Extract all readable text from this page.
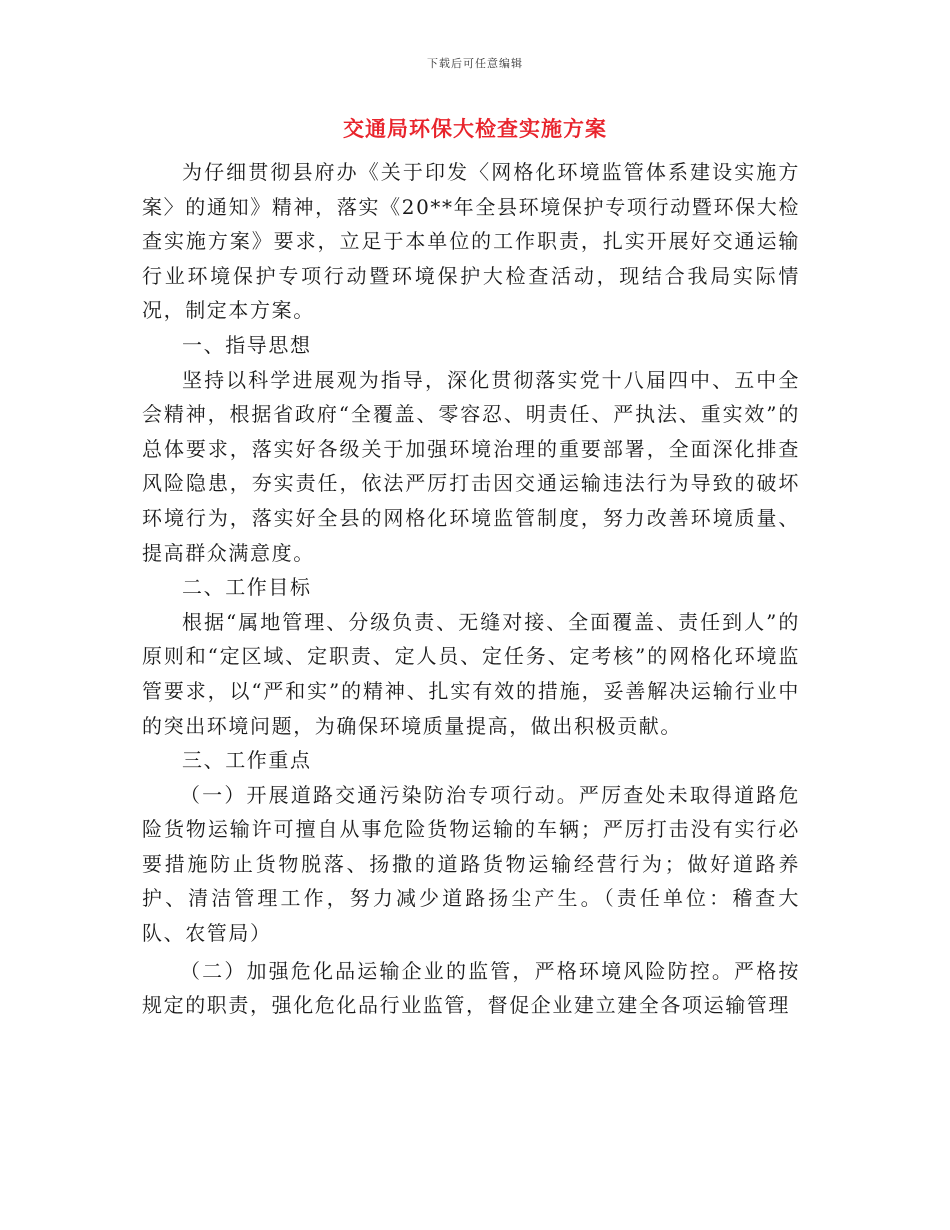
下载后可任意编辑
交通局环保大检查实施方案

为仔细贯彻县府办《关于印发〈网格化环境监管体系建设实施方案〉的通知》精神，落实《20**年全县环境保护专项行动暨环保大检查实施方案》要求，立足于本单位的工作职责，扎实开展好交通运输行业环境保护专项行动暨环境保护大检查活动，现结合我局实际情况，制定本方案。

一、指导思想

坚持以科学进展观为指导，深化贯彻落实党十八届四中、五中全会精神，根据省政府“全覆盖、零容忍、明责任、严执法、重实效”的总体要求，落实好各级关于加强环境治理的重要部署，全面深化排查风险隐患，夯实责任，依法严厉打击因交通运输违法行为导致的破坏环境行为，落实好全县的网格化环境监管制度，努力改善环境质量、提高群众满意度。

二、工作目标

根据“属地管理、分级负责、无缝对接、全面覆盖、责任到人”的原则和“定区域、定职责、定人员、定任务、定考核”的网格化环境监管要求，以“严和实”的精神、扎实有效的措施，妥善解决运输行业中的突出环境问题，为确保环境质量提高，做出积极贡献。

三、工作重点

（一）开展道路交通污染防治专项行动。严厉查处未取得道路危险货物运输许可擅自从事危险货物运输的车辆；严厉打击没有实行必要措施防止货物脱落、扬撒的道路货物运输经营行为；做好道路养护、清洁管理工作，努力减少道路扬尘产生。（责任单位：稽查大队、农管局）

（二）加强危化品运输企业的监管，严格环境风险防控。严格按规定的职责，强化危化品行业监管，督促企业建立建全各项运输管理
